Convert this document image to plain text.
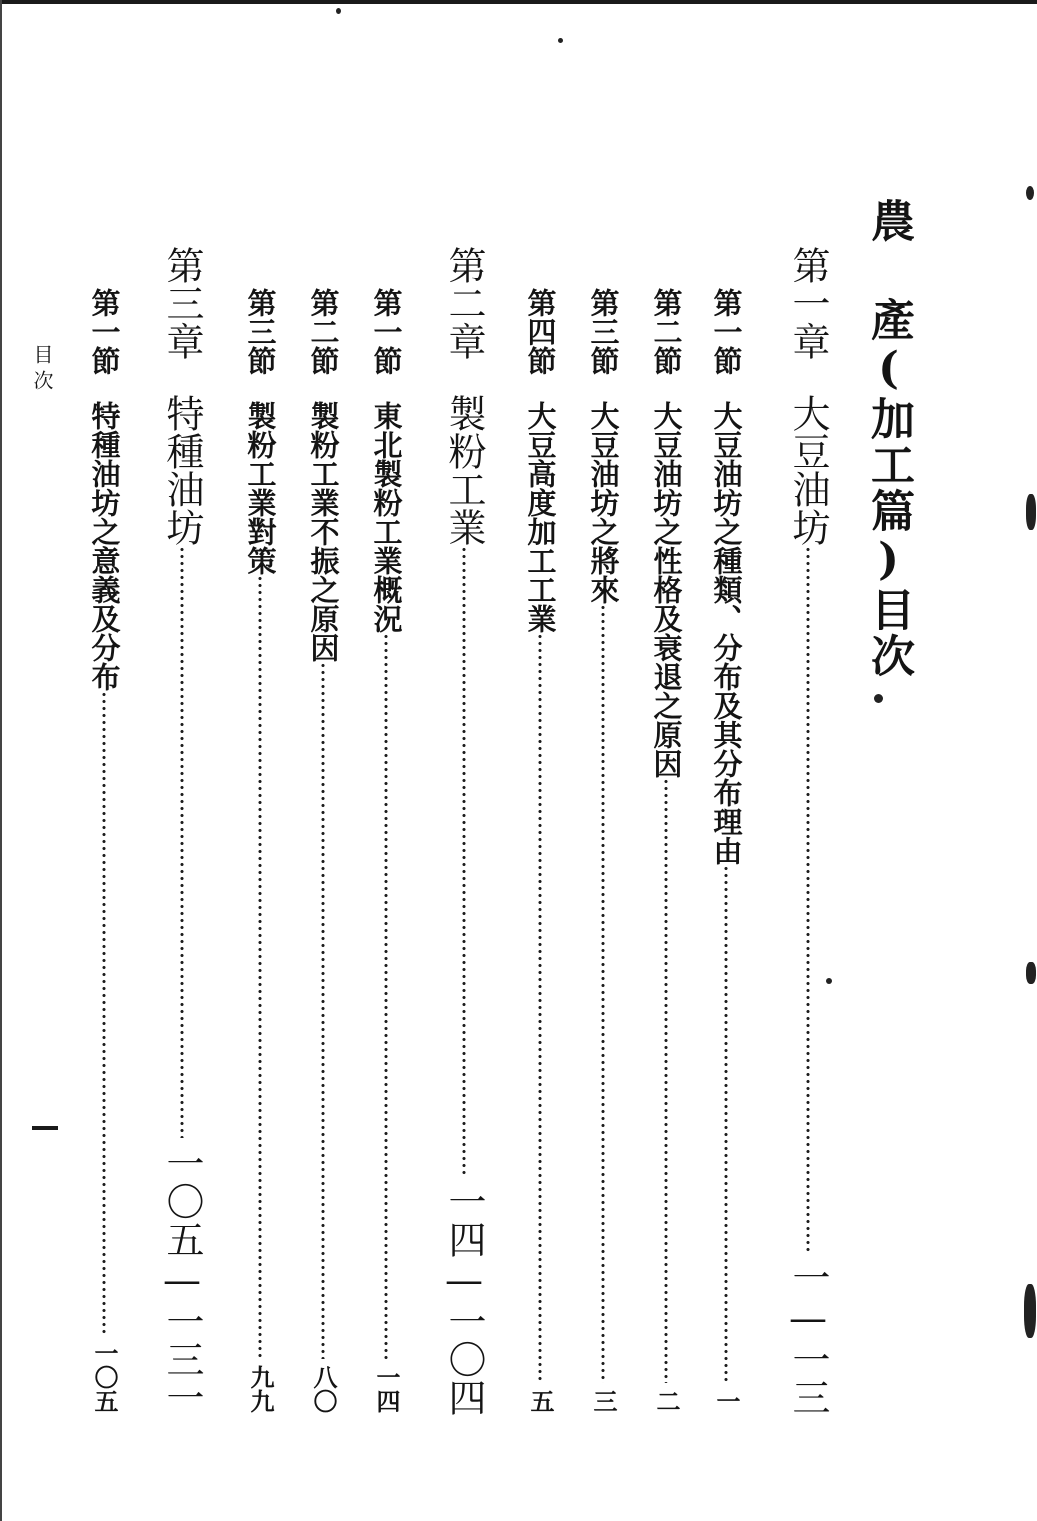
農 產(加工篇)目次
第一章
大豆油坊
一—一三
第一節
大豆油坊之種類、分布及其分布理由
一
第二節
大豆油坊之性格及衰退之原因
二
第三節
大豆油坊之將來
三
第四節
大豆高度加工工業
五
第二章
製粉工業
一四—一〇四
第一節
東北製粉工業概況
一四
第二節
製粉工業不振之原因
八〇
第三節
製粉工業對策
九九
第三章
特種油坊
一〇五—一三一
第一節
特種油坊之意義及分布
一〇五
目次
